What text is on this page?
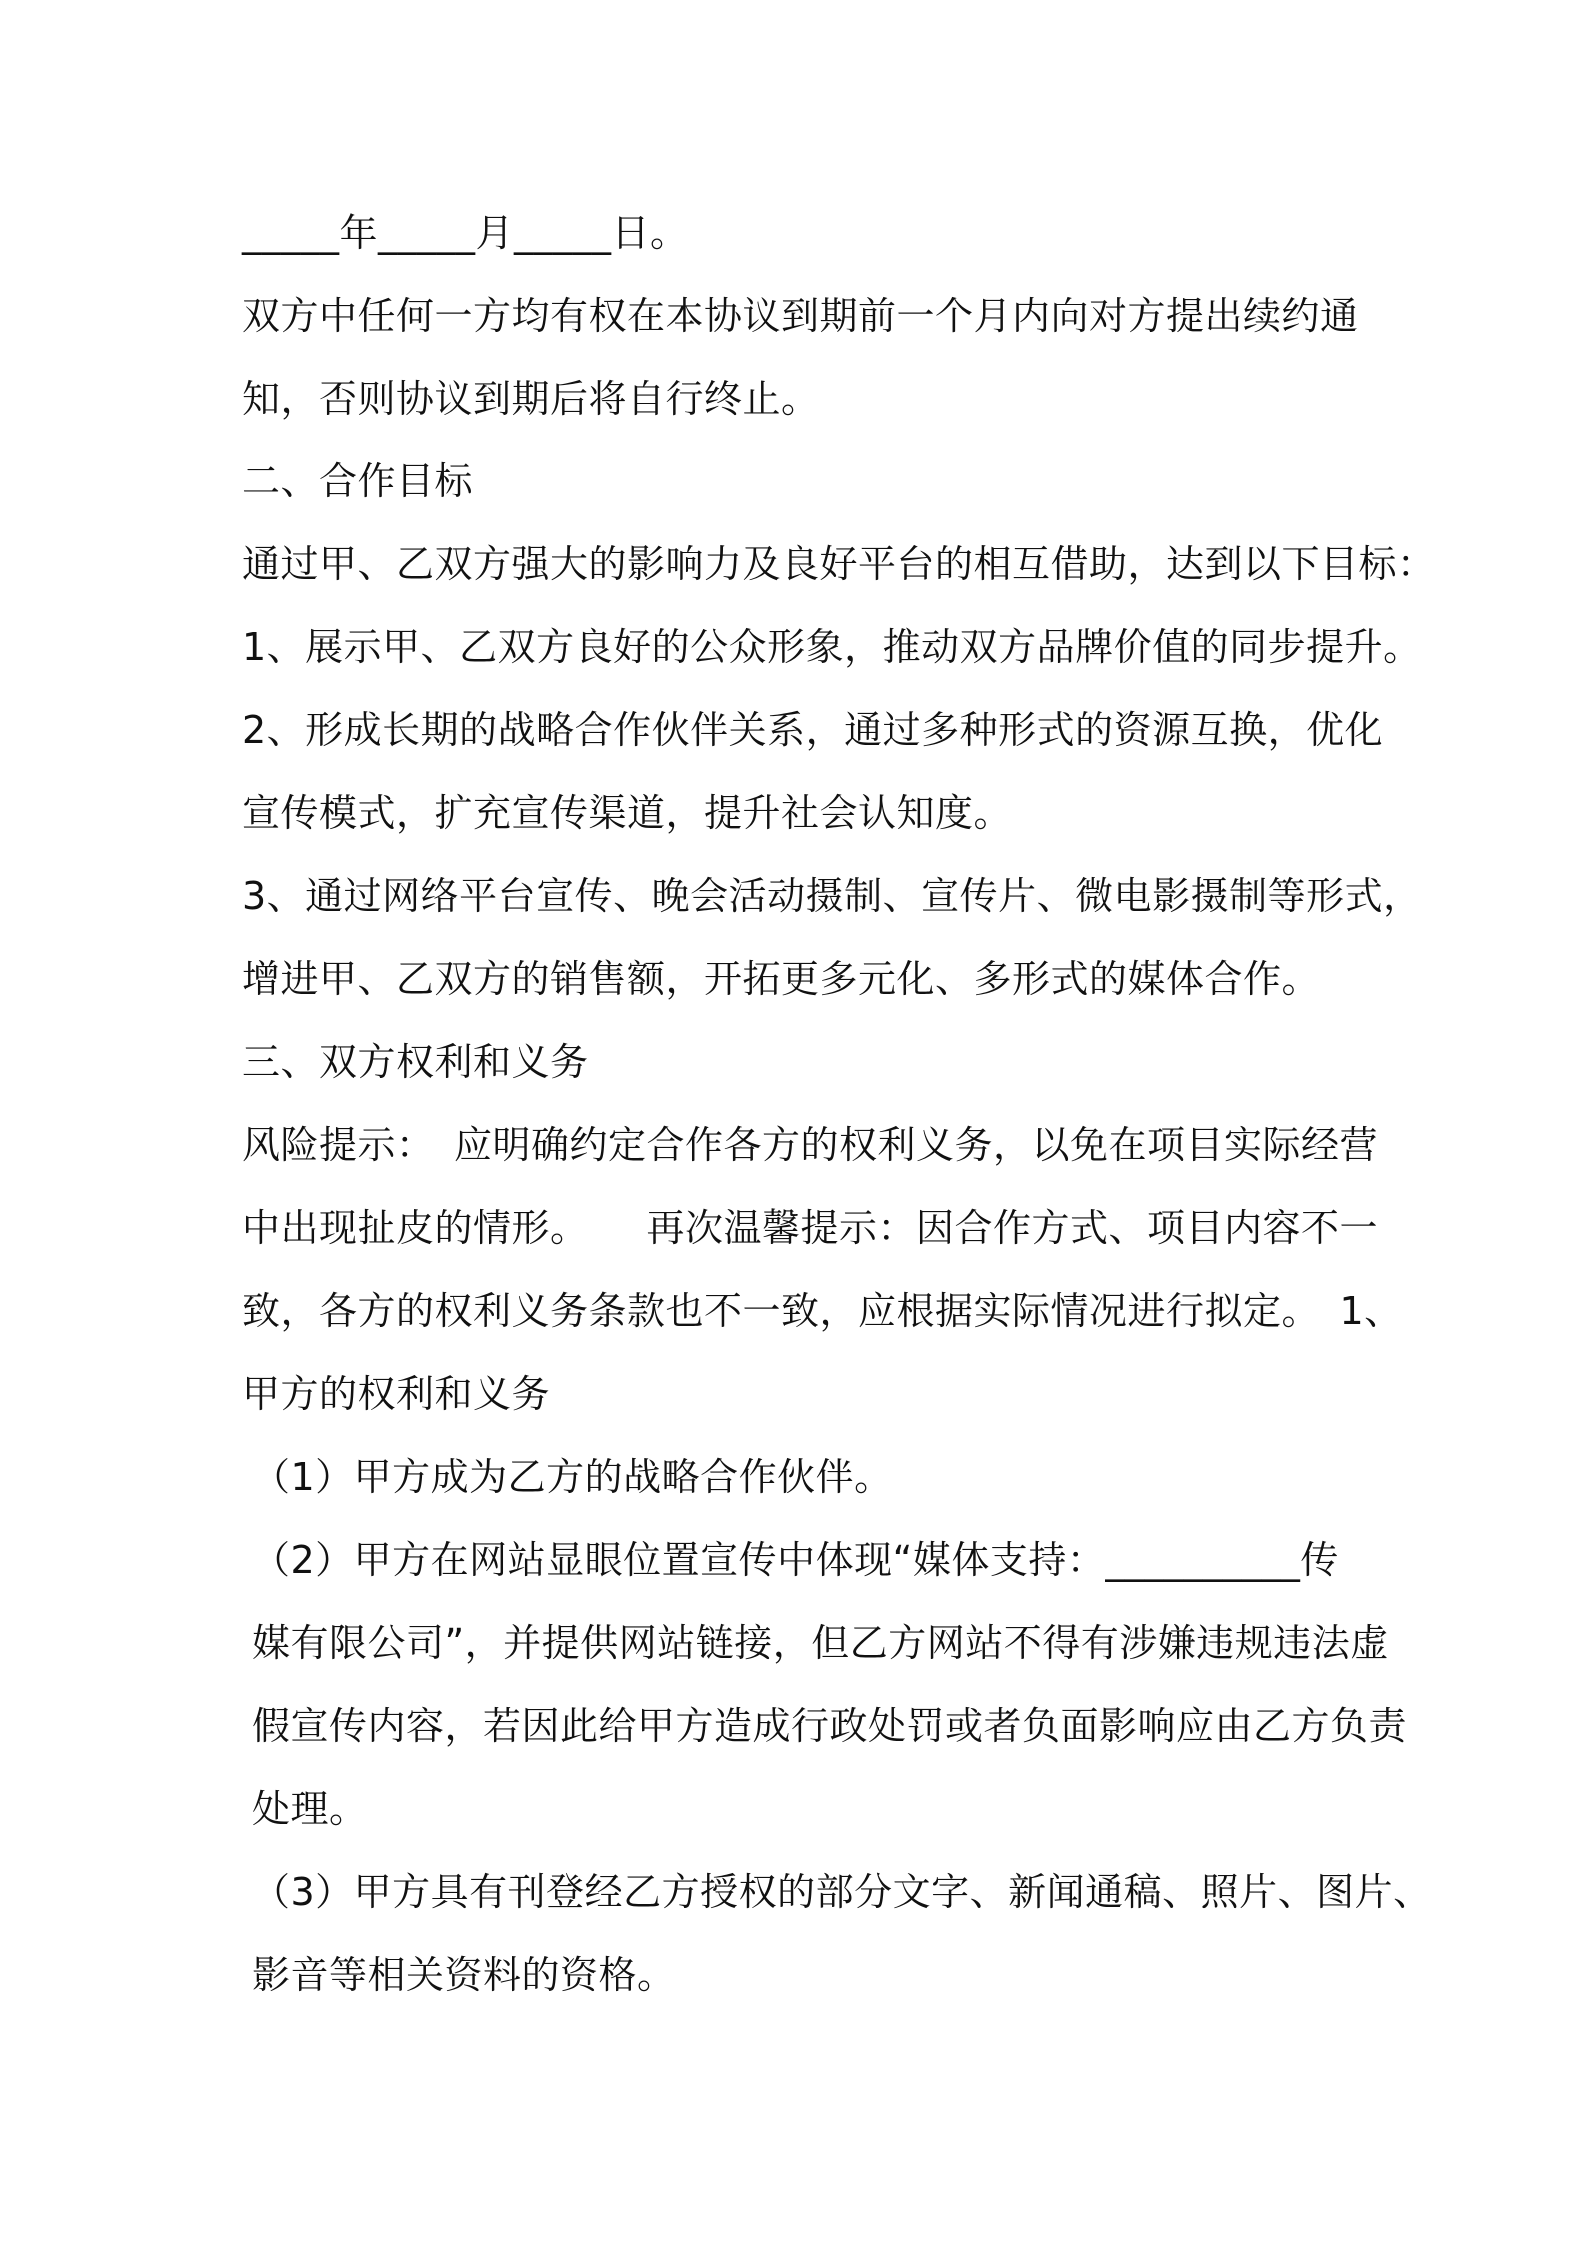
_____年_____月_____日。

双方中任何一方均有权在本协议到期前一个月内向对方提出续约通
知，否则协议到期后将自行终止。

二、合作目标

通过甲、乙双方强大的影响力及良好平台的相互借助，达到以下目标：

1、展示甲、乙双方良好的公众形象，推动双方品牌价值的同步提升。

2、形成长期的战略合作伙伴关系，通过多种形式的资源互换，优化
宣传模式，扩充宣传渠道，提升社会认知度。

3、通过网络平台宣传、晚会活动摄制、宣传片、微电影摄制等形式，
增进甲、乙双方的销售额，开拓更多元化、多形式的媒体合作。

三、双方权利和义务

风险提示：　应明确约定合作各方的权利义务，以免在项目实际经营
中出现扯皮的情形。　　再次温馨提示：因合作方式、项目内容不一
致，各方的权利义务条款也不一致，应根据实际情况进行拟定。　1、
甲方的权利和义务

（1）甲方成为乙方的战略合作伙伴。

（2）甲方在网站显眼位置宣传中体现“媒体支持：__________传
媒有限公司”，并提供网站链接，但乙方网站不得有涉嫌违规违法虚
假宣传内容，若因此给甲方造成行政处罚或者负面影响应由乙方负责
处理。

（3）甲方具有刊登经乙方授权的部分文字、新闻通稿、照片、图片、
影音等相关资料的资格。
